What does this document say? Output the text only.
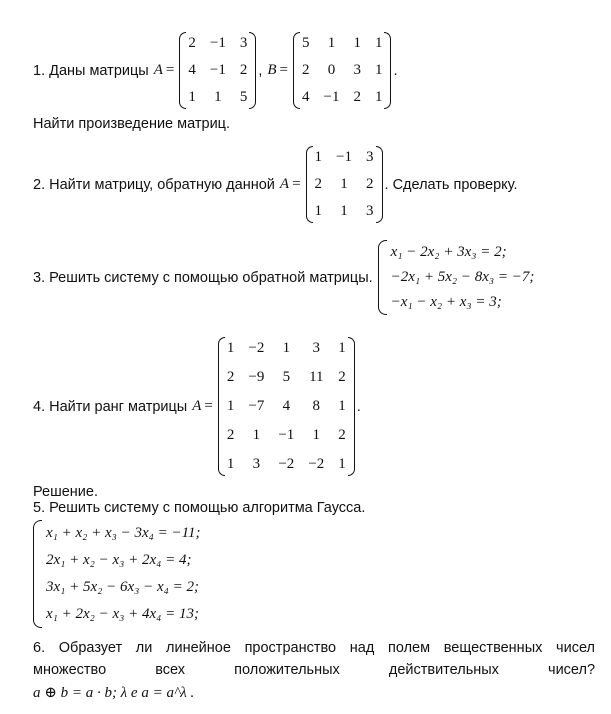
1. Даны матрицы A =
2 −1 3
4 −1 2
1 1 5
, B =
5 1 1 1
2 0 3 1
4 −1 2 1
.
Найти произведение матриц.
2. Найти матрицу, обратную данной A =
1 −1 3
2 1 2
1 1 3
. Сделать проверку.
3. Решить систему с помощью обратной матрицы.
x₁ − 2x₂ + 3x₃ = 2;
−2x₁ + 5x₂ − 8x₃ = −7;
−x₁ − x₂ + x₃ = 3;
4. Найти ранг матрицы A =
1 −2 1 3 1
2 −9 5 11 2
1 −7 4 8 1
2 1 −1 1 2
1 3 −2 −2 1
.
Решение.
5. Решить систему с помощью алгоритма Гаусса.
x₁ + x₂ + x₃ − 3x₄ = −11;
2x₁ + x₂ − x₃ + 2x₄ = 4;
3x₁ + 5x₂ − 6x₃ − x₄ = 2;
x₁ + 2x₂ − x₃ + 4x₄ = 13;
6. Образует ли линейное пространство над полем вещественных чисел
множество	всех	положительных	действительных	чисел?
a ⊕ b = a · b; λ e a = a^λ .
